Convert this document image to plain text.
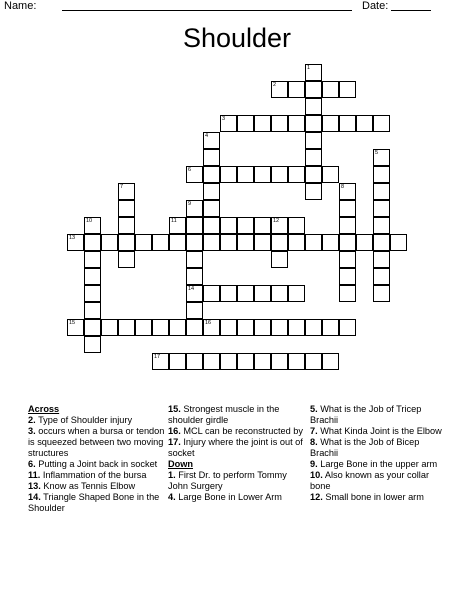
Name:	Date:
Shoulder
1
2
3
4
5
6
7	8
9
10	11	12
13
14
15	16
17
Across

2. Type of Shoulder injury

3. occurs when a bursa or tendon is squeezed between two moving structures

6. Putting a Joint back in socket

11. Inflammation of the bursa

13. Know as Tennis Elbow

14. Triangle Shaped Bone in the Shoulder

15. Strongest muscle in the shoulder girdle

16. MCL can be reconstructed by

17. Injury where the joint is out of socket

Down

1. First Dr. to perform Tommy John Surgery

4. Large Bone in Lower Arm

5. What is the Job of Tricep Brachii

7. What Kinda Joint is the Elbow

8. What is the Job of Bicep Brachii

9. Large Bone in the upper arm

10. Also known as your collar bone

12. Small bone in lower arm
